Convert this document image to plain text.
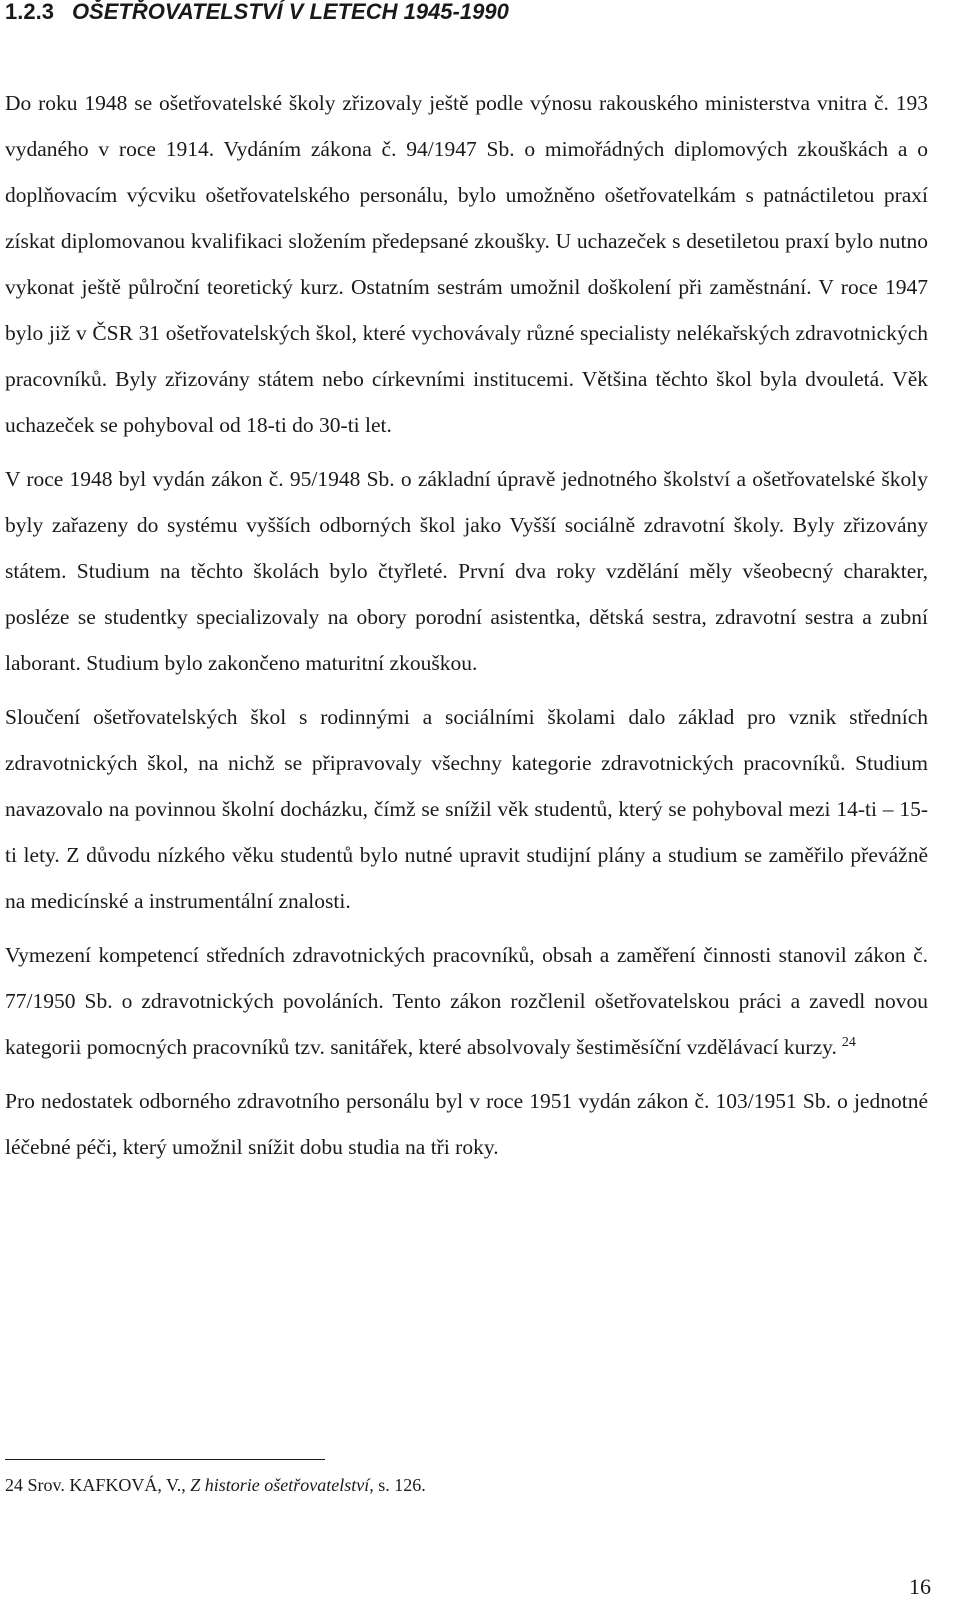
1.2.3 OŠETŘOVATELSTVÍ V LETECH 1945-1990

Do roku 1948 se ošetřovatelské školy zřizovaly ještě podle výnosu rakouského ministerstva vnitra č. 193 vydaného v roce 1914. Vydáním zákona č. 94/1947 Sb. o mimořádných diplomových zkouškách a o doplňovacím výcviku ošetřovatelského personálu, bylo umožněno ošetřovatelkám s patnáctiletou praxí získat diplomovanou kvalifikaci složením předepsané zkoušky. U uchazeček s desetiletou praxí bylo nutno vykonat ještě půlroční teoretický kurz. Ostatním sestrám umožnil doškolení při zaměstnání. V roce 1947 bylo již v ČSR 31 ošetřovatelských škol, které vychovávaly různé specialisty nelékařských zdravotnických pracovníků. Byly zřizovány státem nebo církevními institucemi. Většina těchto škol byla dvouletá. Věk uchazeček se pohyboval od 18-ti do 30-ti let.

V roce 1948 byl vydán zákon č. 95/1948 Sb. o základní úpravě jednotného školství a ošetřovatelské školy byly zařazeny do systému vyšších odborných škol jako Vyšší sociálně zdravotní školy. Byly zřizovány státem. Studium na těchto školách bylo čtyřleté. První dva roky vzdělání měly všeobecný charakter, posléze se studentky specializovaly na obory porodní asistentka, dětská sestra, zdravotní sestra a zubní laborant. Studium bylo zakončeno maturitní zkouškou.

Sloučení ošetřovatelských škol s rodinnými a sociálními školami dalo základ pro vznik středních zdravotnických škol, na nichž se připravovaly všechny kategorie zdravotnických pracovníků. Studium navazovalo na povinnou školní docházku, čímž se snížil věk studentů, který se pohyboval mezi 14-ti – 15-ti lety. Z důvodu nízkého věku studentů bylo nutné upravit studijní plány a studium se zaměřilo převážně na medicínské a instrumentální znalosti.

Vymezení kompetencí středních zdravotnických pracovníků, obsah a zaměření činnosti stanovil zákon č. 77/1950 Sb. o zdravotnických povoláních. Tento zákon rozčlenil ošetřovatelskou práci a zavedl novou kategorii pomocných pracovníků tzv. sanitářek, které absolvovaly šestiměsíční vzdělávací kurzy. $^{24}$

Pro nedostatek odborného zdravotního personálu byl v roce 1951 vydán zákon č. 103/1951 Sb. o jednotné léčebné péči, který umožnil snížit dobu studia na tři roky.

24 Srov. KAFKOVÁ, V., Z historie ošetřovatelství, s. 126.
16
